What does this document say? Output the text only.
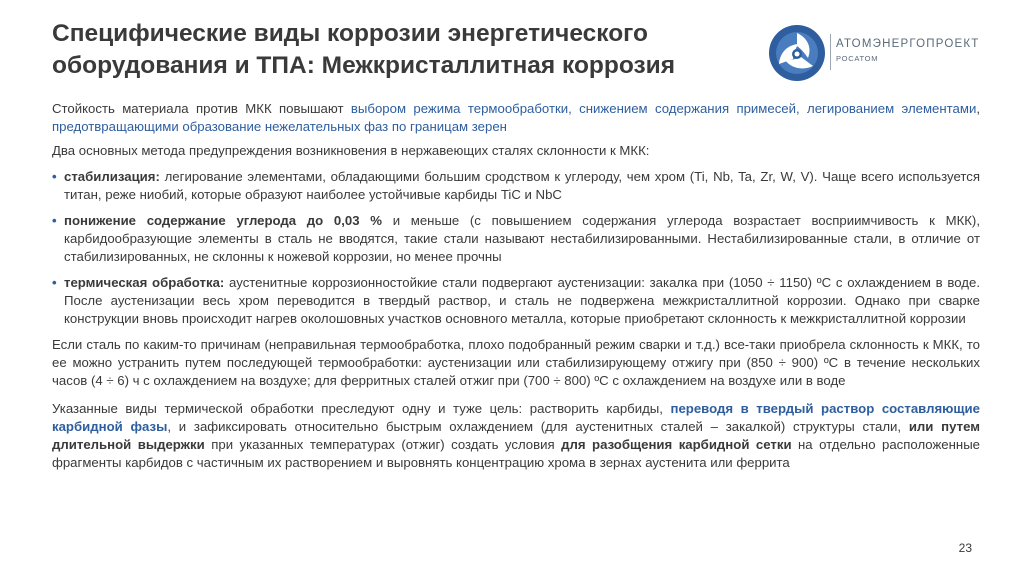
Специфические виды коррозии энергетического
оборудования и ТПА: Межкристаллитная коррозия
АТОМЭНЕРГОПРОЕКТ
РОСАТОМ

Стойкость материала против МКК повышают выбором режима термообработки, снижением содержания примесей, легированием элементами, предотвращающими образование нежелательных фаз по границам зерен

Два основных метода предупреждения возникновения в нержавеющих сталях склонности к МКК:

• стабилизация: легирование элементами, обладающими большим сродством к углероду, чем хром (Ti, Nb, Ta, Zr, W, V). Чаще всего используется титан, реже ниобий, которые образуют наиболее устойчивые карбиды TiC и NbC
• понижение содержание углерода до 0,03 % и меньше (с повышением содержания углерода возрастает восприимчивость к МКК), карбидообразующие элементы в сталь не вводятся, такие стали называют нестабилизированными. Нестабилизированные стали, в отличие от стабилизированных, не склонны к ножевой коррозии, но менее прочны
• термическая обработка: аустенитные коррозионностойкие стали подвергают аустенизации: закалка при (1050 ÷ 1150) ºC с охлаждением в воде. После аустенизации весь хром переводится в твердый раствор, и сталь не подвержена межкристаллитной коррозии. Однако при сварке конструкции вновь происходит нагрев околошовных участков основного металла, которые приобретают склонность к межкристаллитной коррозии

Если сталь по каким-то причинам (неправильная термообработка, плохо подобранный режим сварки и т.д.) все-таки приобрела склонность к МКК, то ее можно устранить путем последующей термообработки: аустенизации или стабилизирующему отжигу при (850 ÷ 900) ºC в течение нескольких часов (4 ÷ 6) ч с охлаждением на воздухе; для ферритных сталей отжиг при (700 ÷ 800) ºC с охлаждением на воздухе или в воде

Указанные виды термической обработки преследуют одну и туже цель: растворить карбиды, переводя в твердый раствор составляющие карбидной фазы, и зафиксировать относительно быстрым охлаждением (для аустенитных сталей – закалкой) структуры стали, или путем длительной выдержки при указанных температурах (отжиг) создать условия для разобщения карбидной сетки на отдельно расположенные фрагменты карбидов с частичным их растворением и выровнять концентрацию хрома в зернах аустенита или феррита

23
